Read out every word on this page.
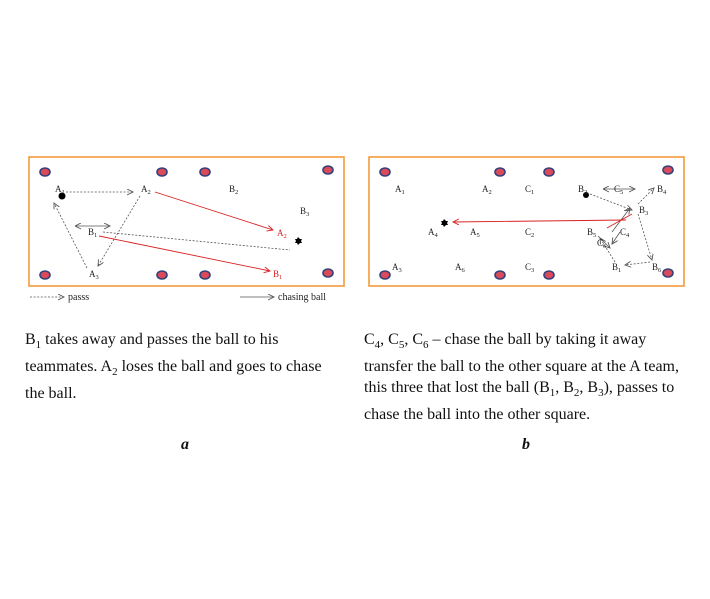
$A_1$	$A_2$	$B_2$
$B_3$
$B_1$	$A_2$
$A_3$	$B_1$
passs	chasing ball
$A_1$	$A_2$	$C_1$	$B_2$	$C_5$	$B_4$
$B_3$
$A_4$	$A_5$	$C_2$	$B_5$	$C_4$
$C_6$
$A_3$	$A_6$	$C_3$	$B_1$	$B_6$

$B_1$ takes away and passes the ball to his teammates. $A_2$ loses the ball and goes to chase the ball.

a

$C_4$, $C_5$, $C_6$ – chase the ball by taking it away transfer the ball to the other square at the A team, this three that lost the ball ($B_1$, $B_2$, $B_3$), passes to chase the ball into the other square.

b
